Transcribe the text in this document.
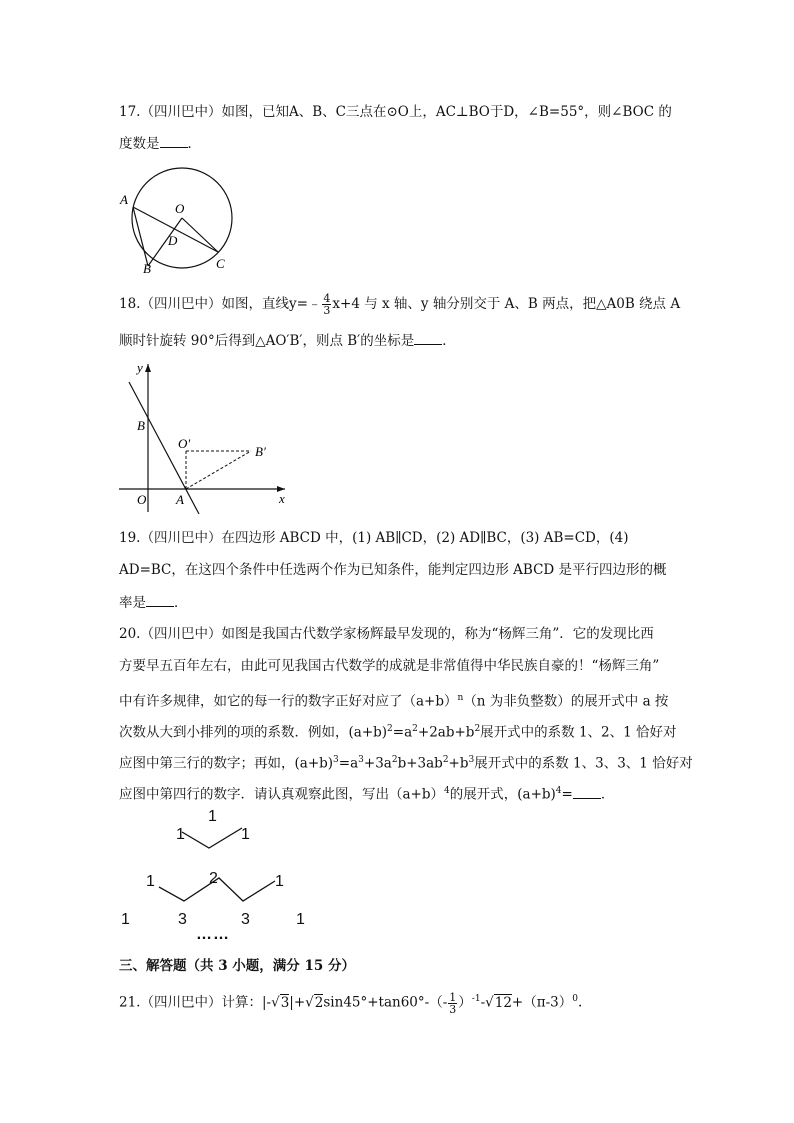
17.（四川巴中）如图，已知A、B、C三点在⊙O上，AC⊥BO于D，∠B=55°，则∠BOC 的
度数是 ．
A
O
D
B	C
18.（四川巴中）如图，直线y=﹣ $\frac{4}{3} x+4$ 与 x 轴、y 轴分别交于 A、B 两点，把△A0B 绕点 A
顺时针旋转 90°后得到△AO′B′，则点 B′的坐标是 ．
y
x
B
O′
B′
O A
19.（四川巴中）在四边形 ABCD 中，(1) AB∥CD，(2) AD∥BC，(3) AB=CD，(4)
AD=BC，在这四个条件中任选两个作为已知条件，能判定四边形 ABCD 是平行四边形的概
率是 ．
20.（四川巴中）如图是我国古代数学家杨辉最早发现的，称为“杨辉三角”．它的发现比西
方要早五百年左右，由此可见我国古代数学的成就是非常值得中华民族自豪的！“杨辉三角”
中有许多规律，如它的每一行的数字正好对应了$(a+b)^n(n$ 为非负整数）的展开式中 a 按
次数从大到小排列的项的系数．例如，$(a+b)^2=a^2+2ab+b^2$展开式中的系数 1、2、1 恰好对
应图中第三行的数字；再如，$(a+b)^3=a^3+3a^2b+3ab^2+b^3$展开式中的系数 1、3、3、1 恰好对
应图中第四行的数字．请认真观察此图，写出$(a+b)^4$的展开式，$(a+b)^4=$ ．
1
1	1
1	2	1
1	3	3	1
……
三、解答题（共 3 小题，满分 15 分）
21.（四川巴中）计算：$|-√3|+√2\sin 45^\circ+\tan 60^\circ-(- \frac{1}{3} )^{-1}-√12+(\pi-3)^0$.
